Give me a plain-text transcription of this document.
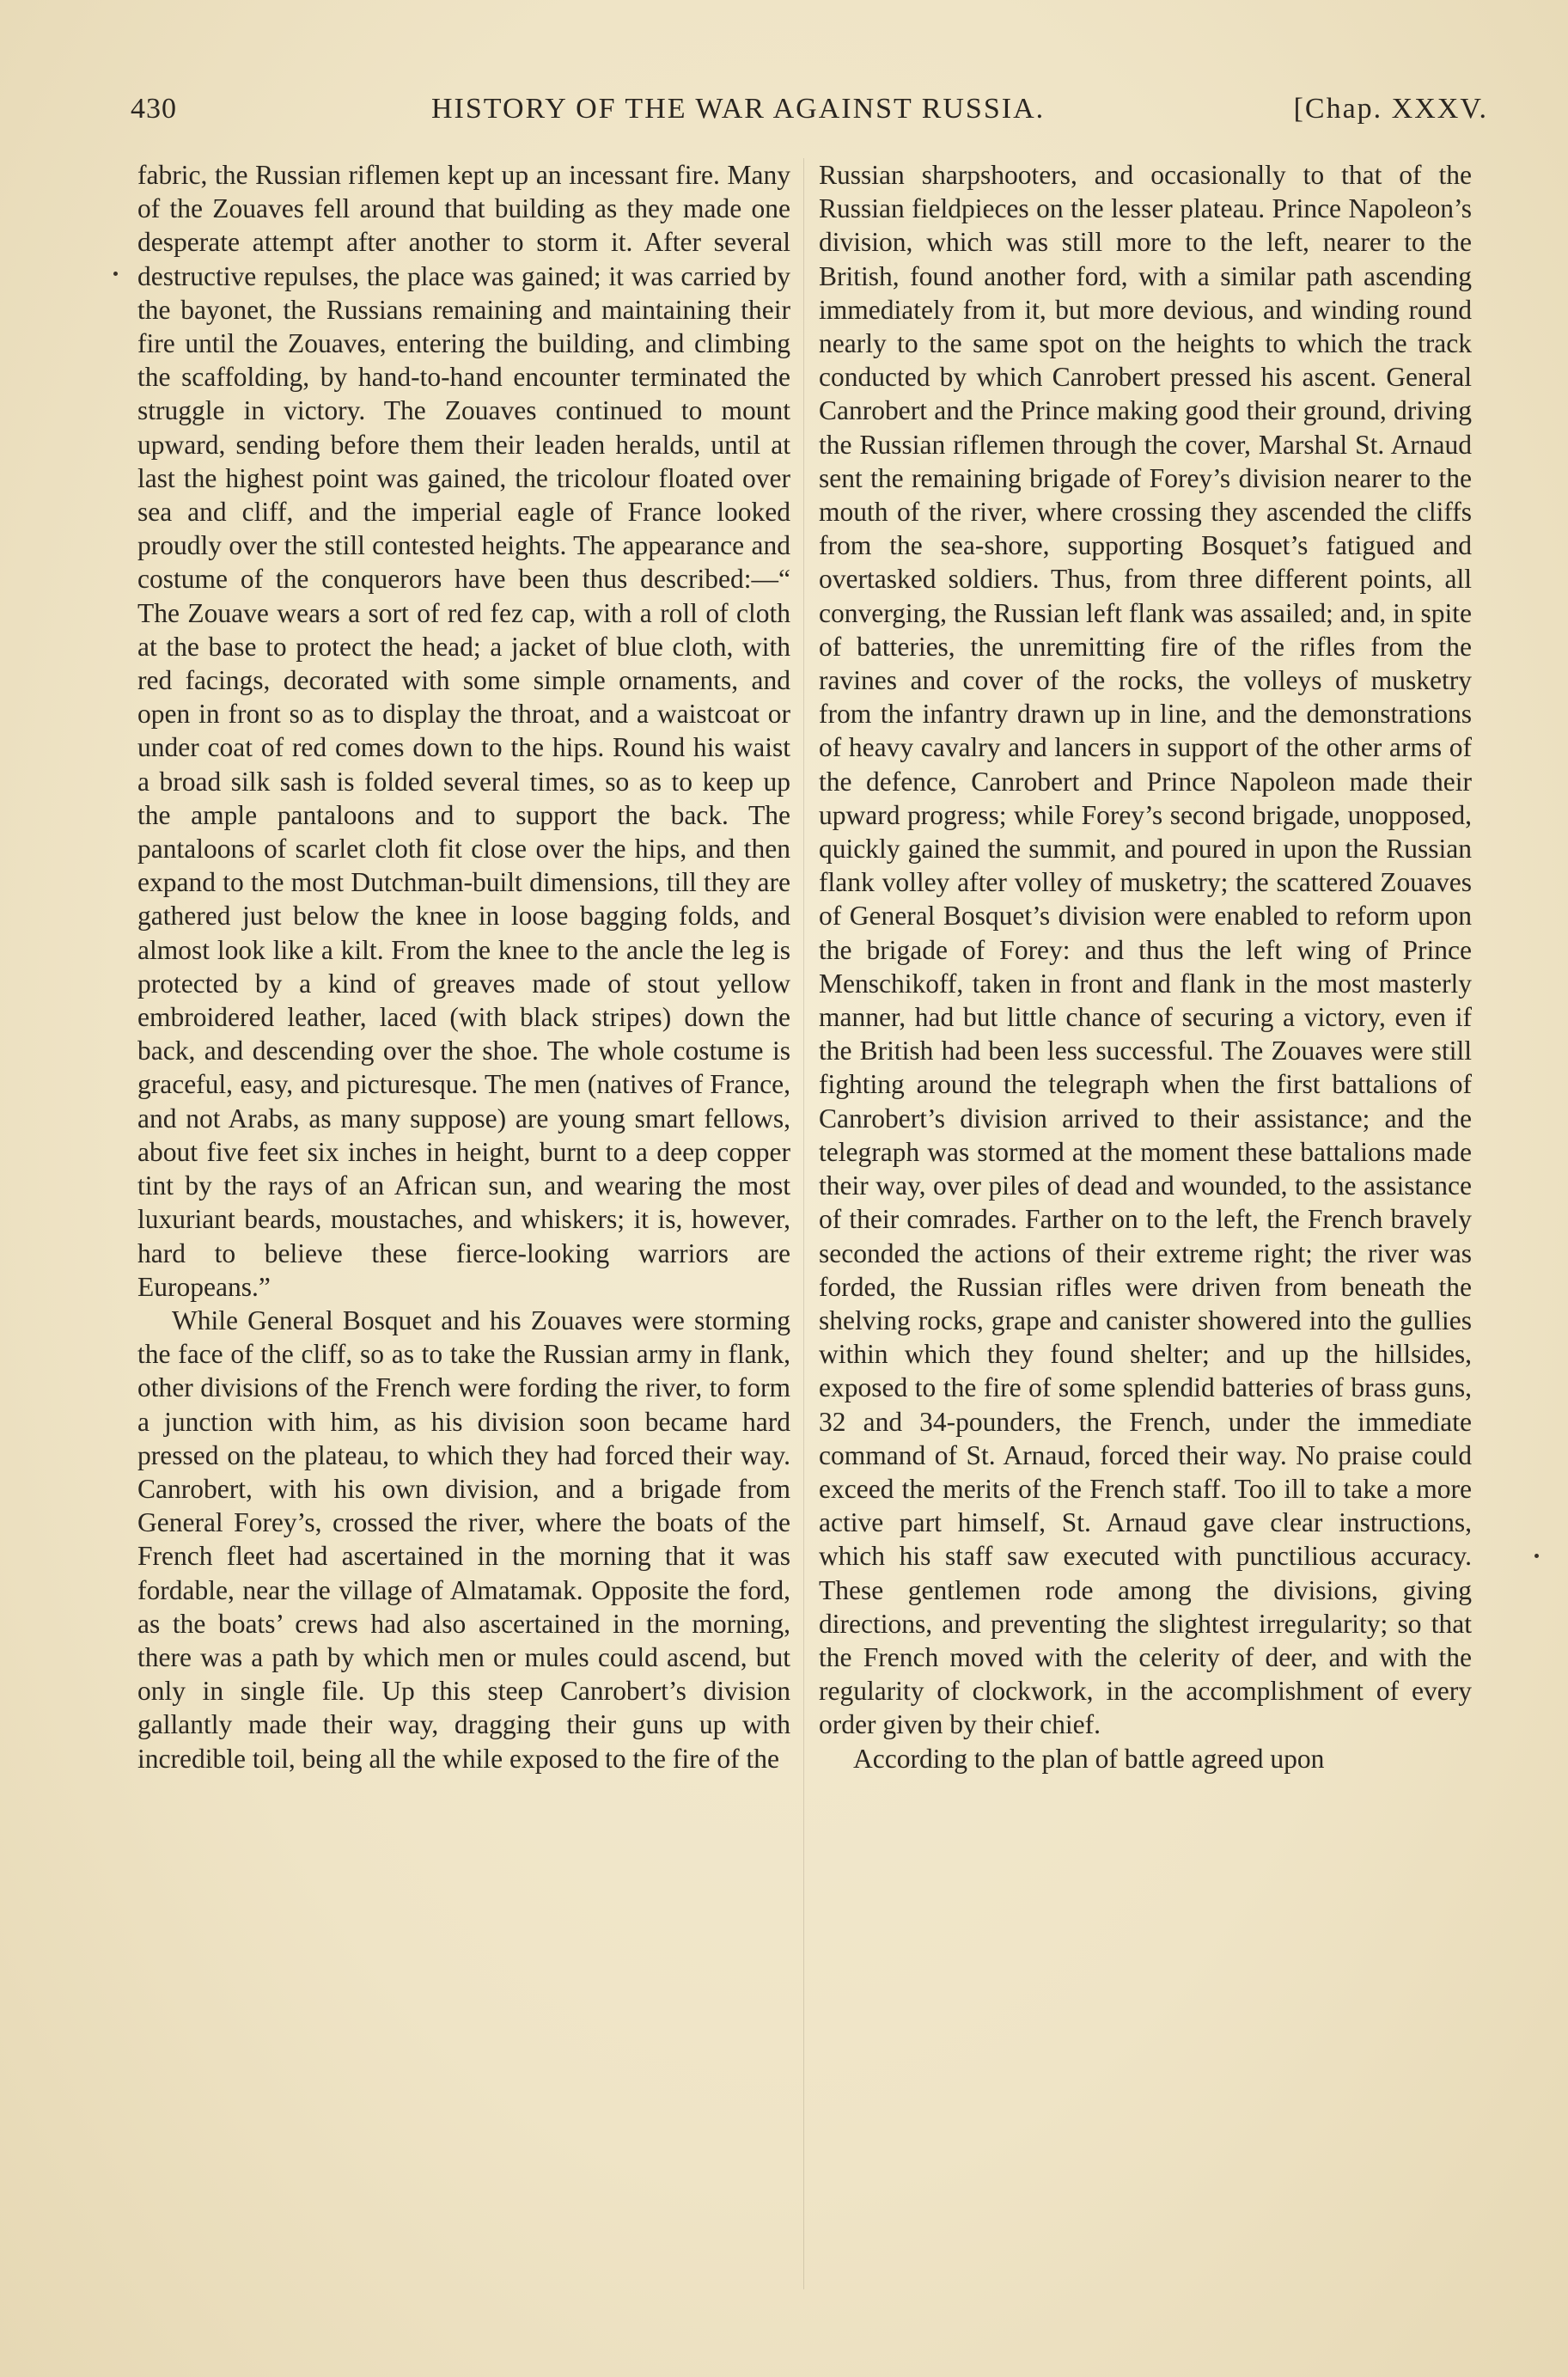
430	HISTORY OF THE WAR AGAINST RUSSIA.	[Chap. XXXV.

fabric, the Russian riflemen kept up an incessant fire. Many of the Zouaves fell around that building as they made one desperate attempt after another to storm it. After several destructive repulses, the place was gained; it was carried by the bayonet, the Russians remaining and maintaining their fire until the Zouaves, entering the building, and climbing the scaffolding, by hand-to-hand encounter terminated the struggle in victory. The Zouaves continued to mount upward, sending before them their leaden heralds, until at last the highest point was gained, the tricolour floated over sea and cliff, and the imperial eagle of France looked proudly over the still contested heights. The appearance and costume of the conquerors have been thus described:—“ The Zouave wears a sort of red fez cap, with a roll of cloth at the base to protect the head; a jacket of blue cloth, with red facings, decorated with some simple ornaments, and open in front so as to display the throat, and a waistcoat or under coat of red comes down to the hips. Round his waist a broad silk sash is folded several times, so as to keep up the ample pantaloons and to support the back. The pantaloons of scarlet cloth fit close over the hips, and then expand to the most Dutchman-built dimensions, till they are gathered just below the knee in loose bagging folds, and almost look like a kilt. From the knee to the ancle the leg is protected by a kind of greaves made of stout yellow embroidered leather, laced (with black stripes) down the back, and descending over the shoe. The whole costume is graceful, easy, and picturesque. The men (natives of France, and not Arabs, as many suppose) are young smart fellows, about five feet six inches in height, burnt to a deep copper tint by the rays of an African sun, and wearing the most luxuriant beards, moustaches, and whiskers; it is, however, hard to believe these fierce-looking warriors are Europeans.”

While General Bosquet and his Zouaves were storming the face of the cliff, so as to take the Russian army in flank, other divisions of the French were fording the river, to form a junction with him, as his division soon became hard pressed on the plateau, to which they had forced their way. Canrobert, with his own division, and a brigade from General Forey’s, crossed the river, where the boats of the French fleet had ascertained in the morning that it was fordable, near the village of Almatamak. Opposite the ford, as the boats’ crews had also ascertained in the morning, there was a path by which men or mules could ascend, but only in single file. Up this steep Canrobert’s division gallantly made their way, dragging their guns up with incredible toil, being all the while exposed to the fire of the

Russian sharpshooters, and occasionally to that of the Russian fieldpieces on the lesser plateau. Prince Napoleon’s division, which was still more to the left, nearer to the British, found another ford, with a similar path ascending immediately from it, but more devious, and winding round nearly to the same spot on the heights to which the track conducted by which Canrobert pressed his ascent. General Canrobert and the Prince making good their ground, driving the Russian riflemen through the cover, Marshal St. Arnaud sent the remaining brigade of Forey’s division nearer to the mouth of the river, where crossing they ascended the cliffs from the sea-shore, supporting Bosquet’s fatigued and overtasked soldiers. Thus, from three different points, all converging, the Russian left flank was assailed; and, in spite of batteries, the unremitting fire of the rifles from the ravines and cover of the rocks, the volleys of musketry from the infantry drawn up in line, and the demonstrations of heavy cavalry and lancers in support of the other arms of the defence, Canrobert and Prince Napoleon made their upward progress; while Forey’s second brigade, unopposed, quickly gained the summit, and poured in upon the Russian flank volley after volley of musketry; the scattered Zouaves of General Bosquet’s division were enabled to reform upon the brigade of Forey: and thus the left wing of Prince Menschikoff, taken in front and flank in the most masterly manner, had but little chance of securing a victory, even if the British had been less successful. The Zouaves were still fighting around the telegraph when the first battalions of Canrobert’s division arrived to their assistance; and the telegraph was stormed at the moment these battalions made their way, over piles of dead and wounded, to the assistance of their comrades. Farther on to the left, the French bravely seconded the actions of their extreme right; the river was forded, the Russian rifles were driven from beneath the shelving rocks, grape and canister showered into the gullies within which they found shelter; and up the hillsides, exposed to the fire of some splendid batteries of brass guns, 32 and 34-pounders, the French, under the immediate command of St. Arnaud, forced their way. No praise could exceed the merits of the French staff. Too ill to take a more active part himself, St. Arnaud gave clear instructions, which his staff saw executed with punctilious accuracy. These gentlemen rode among the divisions, giving directions, and preventing the slightest irregularity; so that the French moved with the celerity of deer, and with the regularity of clockwork, in the accomplishment of every order given by their chief.

According to the plan of battle agreed upon
